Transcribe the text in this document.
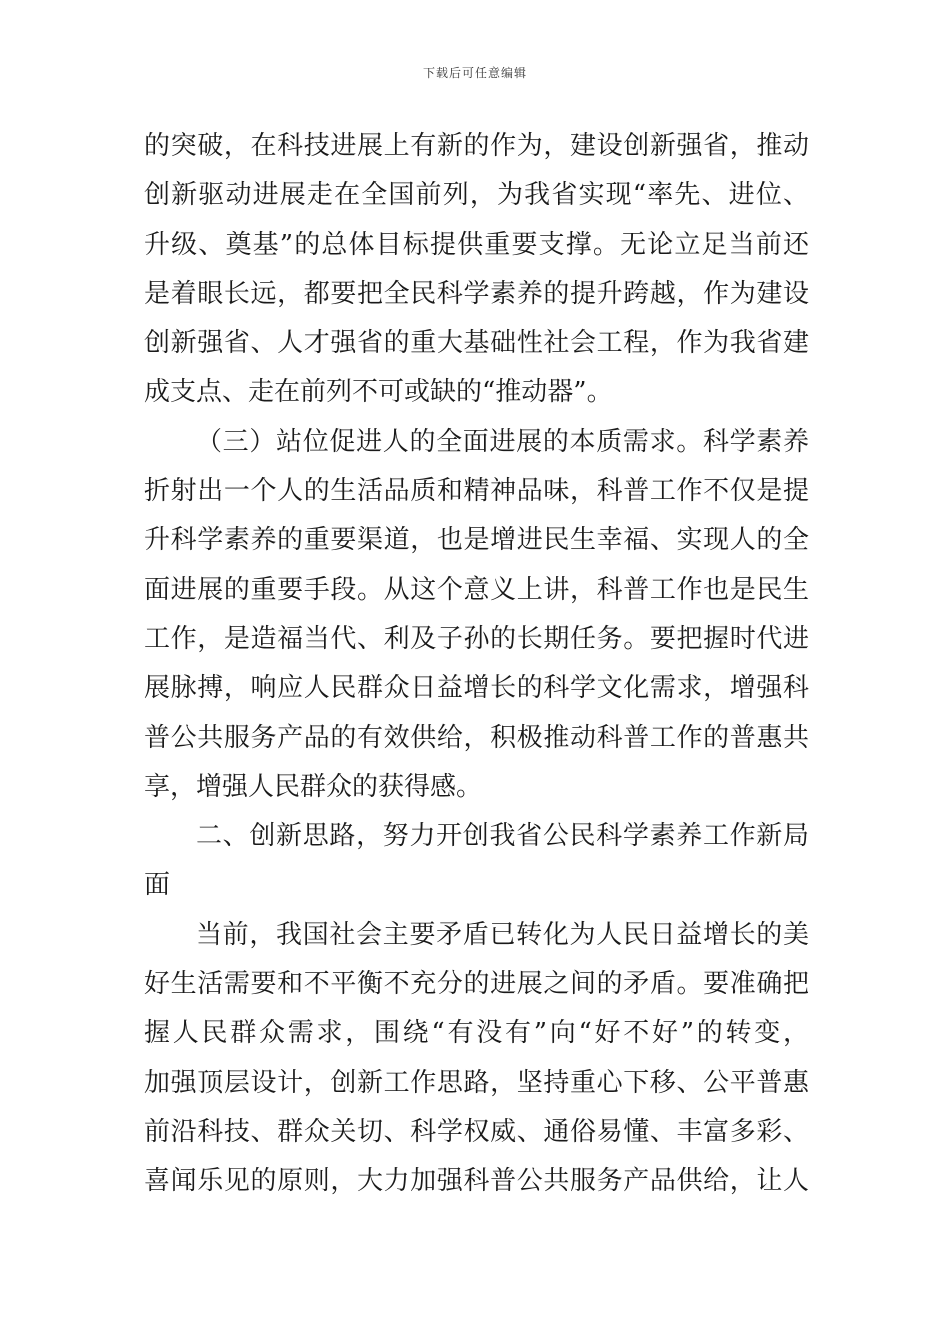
下载后可任意编辑
的突破，在科技进展上有新的作为，建设创新强省，推动
创新驱动进展走在全国前列，为我省实现“率先、进位、
升级、奠基”的总体目标提供重要支撑。无论立足当前还
是着眼长远，都要把全民科学素养的提升跨越，作为建设
创新强省、人才强省的重大基础性社会工程，作为我省建
成支点、走在前列不可或缺的“推动器”。
（三）站位促进人的全面进展的本质需求。科学素养
折射出一个人的生活品质和精神品味，科普工作不仅是提
升科学素养的重要渠道，也是增进民生幸福、实现人的全
面进展的重要手段。从这个意义上讲，科普工作也是民生
工作，是造福当代、利及子孙的长期任务。要把握时代进
展脉搏，响应人民群众日益增长的科学文化需求，增强科
普公共服务产品的有效供给，积极推动科普工作的普惠共
享，增强人民群众的获得感。
二、创新思路，努力开创我省公民科学素养工作新局
面
当前，我国社会主要矛盾已转化为人民日益增长的美
好生活需要和不平衡不充分的进展之间的矛盾。要准确把
握人民群众需求，围绕“有没有”向“好不好”的转变，
加强顶层设计，创新工作思路，坚持重心下移、公平普惠
前沿科技、群众关切、科学权威、通俗易懂、丰富多彩、
喜闻乐见的原则，大力加强科普公共服务产品供给，让人
